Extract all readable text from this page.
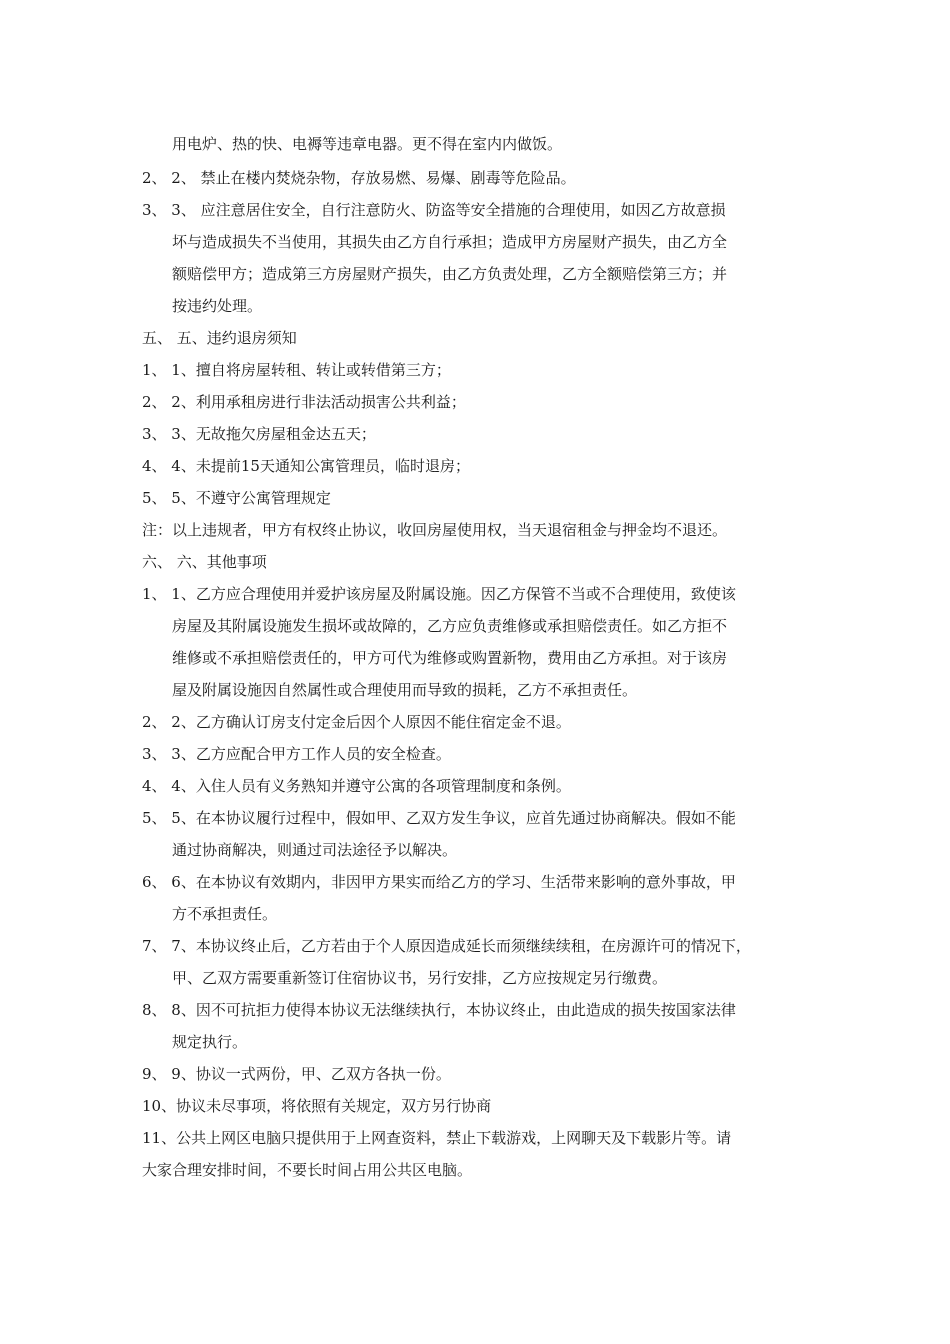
用电炉、热的快、电褥等违章电器。更不得在室内内做饭。
2、 2、 禁止在楼内焚烧杂物，存放易燃、易爆、剧毒等危险品。
3、 3、 应注意居住安全，自行注意防火、防盗等安全措施的合理使用，如因乙方故意损
坏与造成损失不当使用，其损失由乙方自行承担；造成甲方房屋财产损失，由乙方全
额赔偿甲方；造成第三方房屋财产损失，由乙方负责处理，乙方全额赔偿第三方；并
按违约处理。
五、 五、违约退房须知
1、 1、擅自将房屋转租、转让或转借第三方；
2、 2、利用承租房进行非法活动损害公共利益；
3、 3、无故拖欠房屋租金达五天；
4、 4、未提前15天通知公寓管理员，临时退房；
5、 5、不遵守公寓管理规定
注：以上违规者，甲方有权终止协议，收回房屋使用权，当天退宿租金与押金均不退还。
六、 六、其他事项
1、 1、乙方应合理使用并爱护该房屋及附属设施。因乙方保管不当或不合理使用，致使该
房屋及其附属设施发生损坏或故障的，乙方应负责维修或承担赔偿责任。如乙方拒不
维修或不承担赔偿责任的，甲方可代为维修或购置新物，费用由乙方承担。对于该房
屋及附属设施因自然属性或合理使用而导致的损耗，乙方不承担责任。
2、 2、乙方确认订房支付定金后因个人原因不能住宿定金不退。
3、 3、乙方应配合甲方工作人员的安全检查。
4、 4、入住人员有义务熟知并遵守公寓的各项管理制度和条例。
5、 5、在本协议履行过程中，假如甲、乙双方发生争议，应首先通过协商解决。假如不能
通过协商解决，则通过司法途径予以解决。
6、 6、在本协议有效期内，非因甲方果实而给乙方的学习、生活带来影响的意外事故，甲
方不承担责任。
7、 7、本协议终止后，乙方若由于个人原因造成延长而须继续续租，在房源许可的情况下，
甲、乙双方需要重新签订住宿协议书，另行安排，乙方应按规定另行缴费。
8、 8、因不可抗拒力使得本协议无法继续执行，本协议终止，由此造成的损失按国家法律
规定执行。
9、 9、协议一式两份，甲、乙双方各执一份。
10、协议未尽事项，将依照有关规定，双方另行协商
11、公共上网区电脑只提供用于上网查资料，禁止下载游戏，上网聊天及下载影片等。请
大家合理安排时间，不要长时间占用公共区电脑。
